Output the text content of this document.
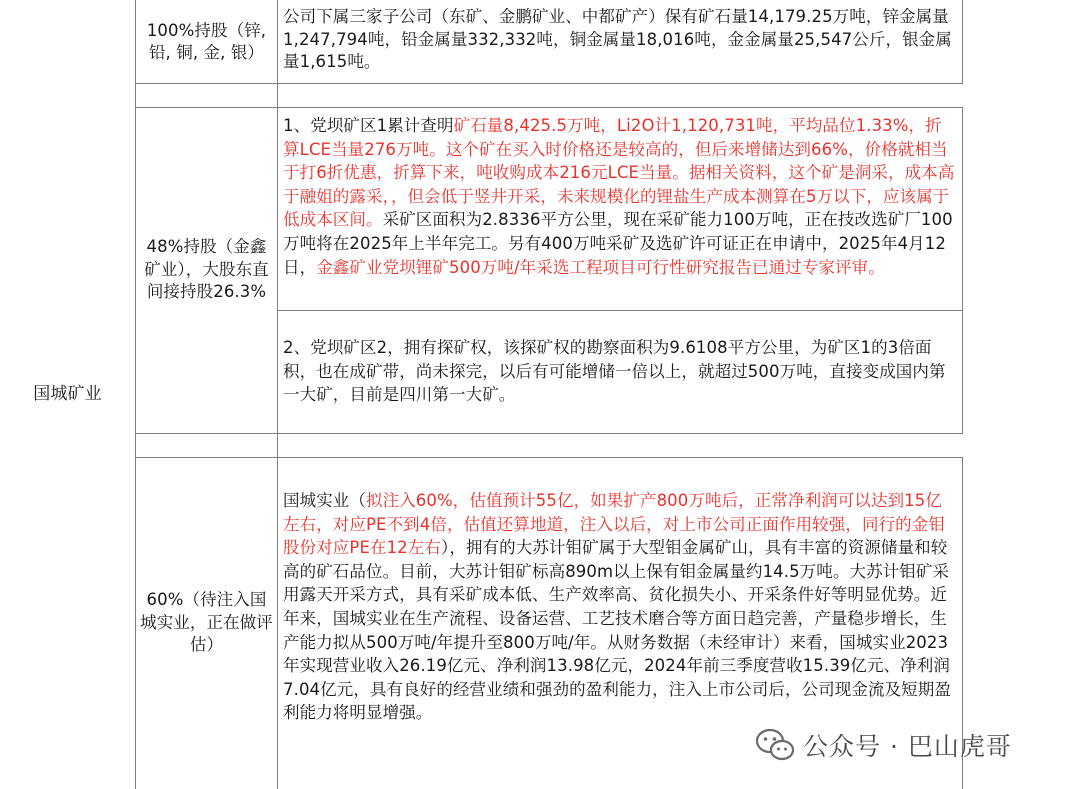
国城矿业
100%持股（锌, 铅, 铜, 金, 银）
公司下属三家子公司（东矿、金鹏矿业、中都矿产）保有矿石量14,179.25万吨，锌金属量1,247,794吨，铅金属量332,332吨，铜金属量18,016吨，金金属量25,547公斤，银金属量1,615吨。
48%持股（金鑫矿业），大股东直间接持股26.3%
1、党坝矿区1累计查明矿石量8,425.5万吨，Li2O计1,120,731吨，平均品位1.33%，折算LCE当量276万吨。这个矿在买入时价格还是较高的，但后来增储达到66%，价格就相当于打6折优惠，折算下来，吨收购成本216元LCE当量。据相关资料，这个矿是洞采，成本高于融姐的露采，，但会低于竖井开采，未来规模化的锂盐生产成本测算在5万以下，应该属于低成本区间。采矿区面积为2.8336平方公里，现在采矿能力100万吨，正在技改选矿厂100万吨将在2025年上半年完工。另有400万吨采矿及选矿许可证正在申请中，2025年4月12日，金鑫矿业党坝锂矿500万吨/年采选工程项目可行性研究报告已通过专家评审。
2、党坝矿区2，拥有探矿权，该探矿权的勘察面积为9.6108平方公里，为矿区1的3倍面积，也在成矿带，尚未探完，以后有可能增储一倍以上，就超过500万吨，直接变成国内第一大矿，目前是四川第一大矿。
60%（待注入国城实业，正在做评估）
国城实业（拟注入60%，估值预计55亿，如果扩产800万吨后，正常净利润可以达到15亿左右，对应PE不到4倍，估值还算地道，注入以后，对上市公司正面作用较强，同行的金钼股份对应PE在12左右），拥有的大苏计钼矿属于大型钼金属矿山，具有丰富的资源储量和较高的矿石品位。目前，大苏计钼矿标高890m以上保有钼金属量约14.5万吨。大苏计钼矿采用露天开采方式，具有采矿成本低、生产效率高、贫化损失小、开采条件好等明显优势。近年来，国城实业在生产流程、设备运营、工艺技术磨合等方面日趋完善，产量稳步增长，生产能力拟从500万吨/年提升至800万吨/年。从财务数据（未经审计）来看，国城实业2023年实现营业收入26.19亿元、净利润13.98亿元，2024年前三季度营收15.39亿元、净利润7.04亿元，具有良好的经营业绩和强劲的盈利能力，注入上市公司后，公司现金流及短期盈利能力将明显增强。
公众号 · 巴山虎哥
